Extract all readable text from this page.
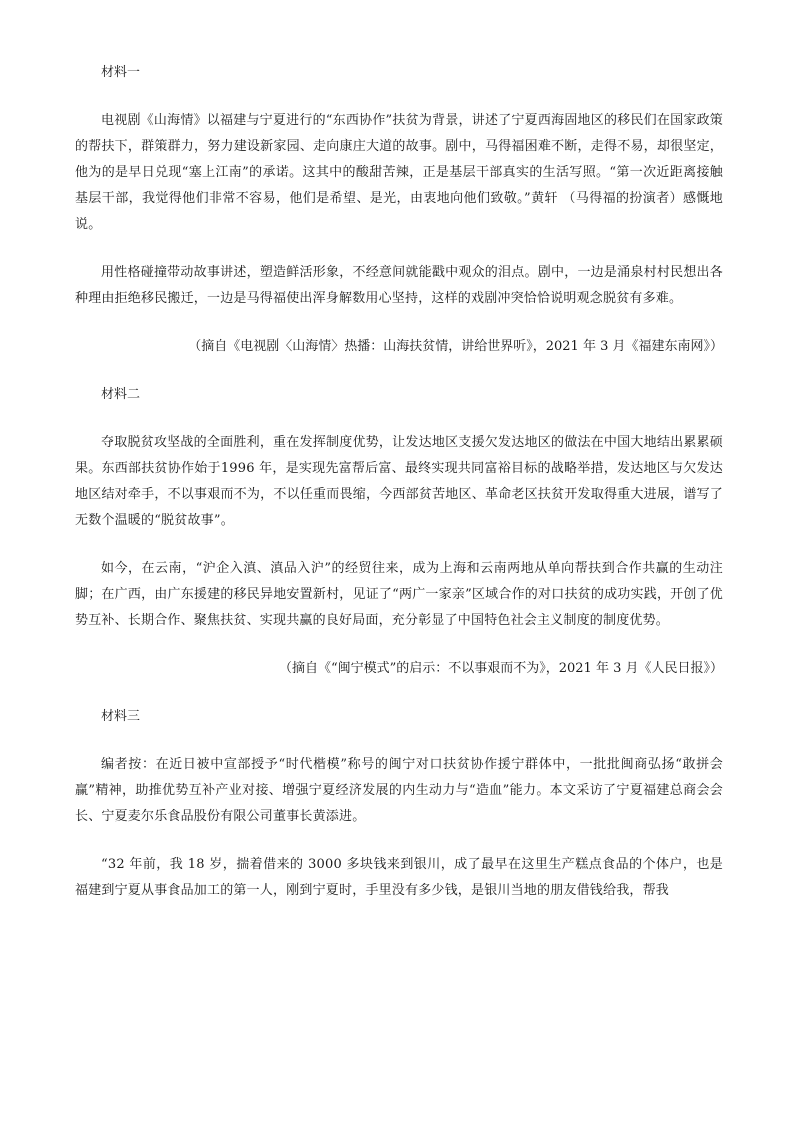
材料一

电视剧《山海情》以福建与宁夏进行的“东西协作”扶贫为背景，讲述了宁夏西海固地区的移民们在国家政策的帮扶下，群策群力，努力建设新家园、走向康庄大道的故事。剧中，马得福困难不断，走得不易，却很坚定，他为的是早日兑现“塞上江南”的承诺。这其中的酸甜苦辣，正是基层干部真实的生活写照。“第一次近距离接触基层干部，我觉得他们非常不容易，他们是希望、是光，由衷地向他们致敬。”黄轩 （马得福的扮演者）感慨地说。

用性格碰撞带动故事讲述，塑造鲜活形象，不经意间就能戳中观众的泪点。剧中，一边是涌泉村村民想出各种理由拒绝移民搬迁，一边是马得福使出浑身解数用心坚持，这样的戏剧冲突恰恰说明观念脱贫有多难。

（摘自《电视剧〈山海情〉热播：山海扶贫情，讲给世界听》，2021 年 3 月《福建东南网》）

材料二

夺取脱贫攻坚战的全面胜利，重在发挥制度优势，让发达地区支援欠发达地区的做法在中国大地结出累累硕果。东西部扶贫协作始于1996 年，是实现先富帮后富、最终实现共同富裕目标的战略举措，发达地区与欠发达地区结对牵手，不以事艰而不为，不以任重而畏缩，今西部贫苦地区、革命老区扶贫开发取得重大进展，谱写了无数个温暖的“脱贫故事”。

如今，在云南，“沪企入滇、滇品入沪”的经贸往来，成为上海和云南两地从单向帮扶到合作共赢的生动注脚；在广西，由广东援建的移民异地安置新村，见证了“两广一家亲”区域合作的对口扶贫的成功实践，开创了优势互补、长期合作、聚焦扶贫、实现共赢的良好局面，充分彰显了中国特色社会主义制度的制度优势。

（摘自《“闽宁模式”的启示：不以事艰而不为》，2021 年 3 月《人民日报》）

材料三

编者按：在近日被中宣部授予“时代楷模”称号的闽宁对口扶贫协作援宁群体中，一批批闽商弘扬“敢拼会赢”精神，助推优势互补产业对接、增强宁夏经济发展的内生动力与“造血”能力。本文采访了宁夏福建总商会会长、宁夏麦尔乐食品股份有限公司董事长黄添进。

“32 年前，我 18 岁，揣着借来的 3000 多块钱来到银川，成了最早在这里生产糕点食品的个体户，也是福建到宁夏从事食品加工的第一人，刚到宁夏时，手里没有多少钱，是银川当地的朋友借钱给我，帮我
